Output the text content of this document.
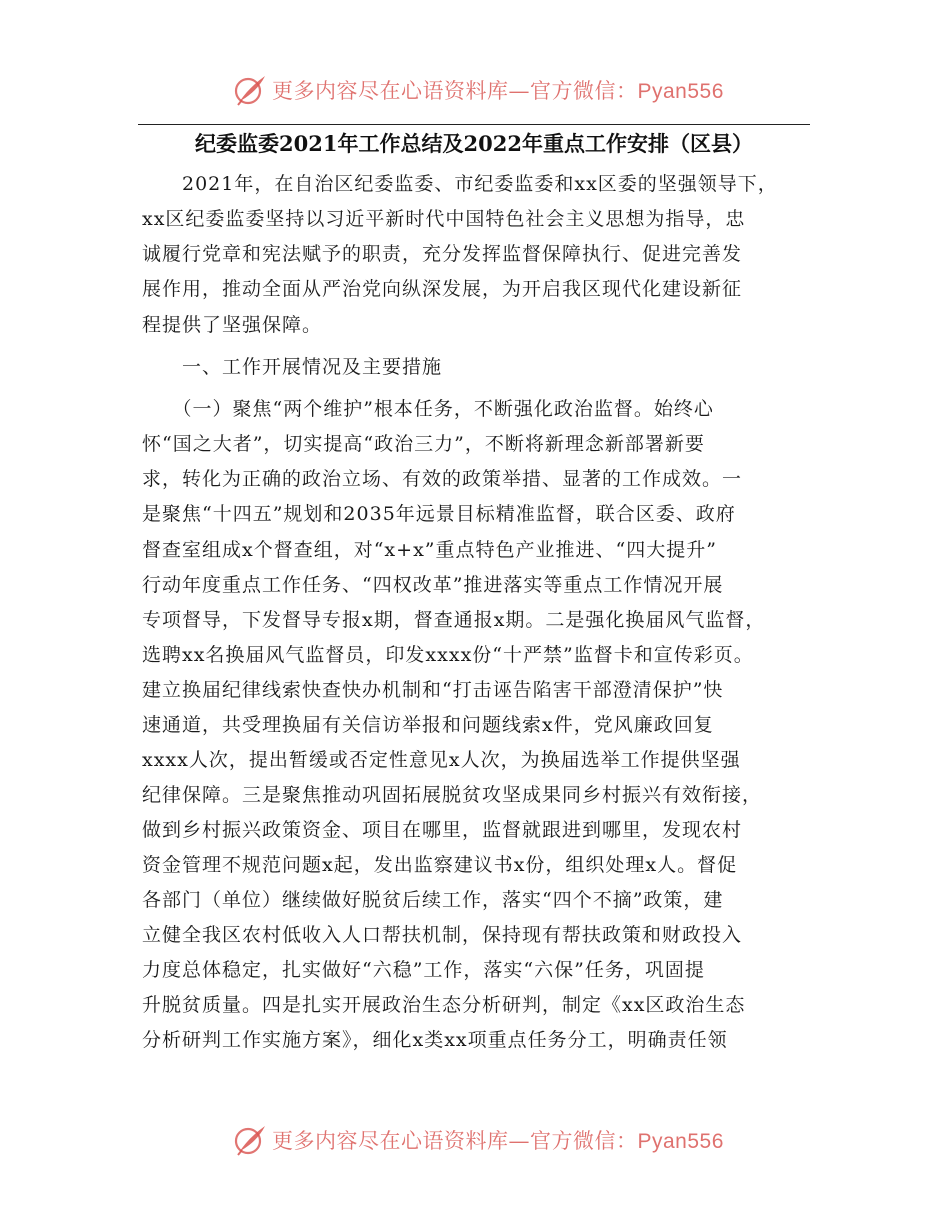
更多内容尽在心语资料库—官方微信：Pyan556
纪委监委2021年工作总结及2022年重点工作安排（区县）

　　2021年，在自治区纪委监委、市纪委监委和xx区委的坚强领导下，

xx区纪委监委坚持以习近平新时代中国特色社会主义思想为指导，忠

诚履行党章和宪法赋予的职责，充分发挥监督保障执行、促进完善发

展作用，推动全面从严治党向纵深发展，为开启我区现代化建设新征

程提供了坚强保障。

　　一、工作开展情况及主要措施

　　（一）聚焦“两个维护”根本任务，不断强化政治监督。始终心

怀“国之大者”，切实提高“政治三力”，不断将新理念新部署新要

求，转化为正确的政治立场、有效的政策举措、显著的工作成效。一

是聚焦“十四五”规划和2035年远景目标精准监督，联合区委、政府

督查室组成x个督查组，对“x+x”重点特色产业推进、“四大提升”

行动年度重点工作任务、“四权改革”推进落实等重点工作情况开展

专项督导，下发督导专报x期，督查通报x期。二是强化换届风气监督，

选聘xx名换届风气监督员，印发xxxx份“十严禁”监督卡和宣传彩页。

建立换届纪律线索快查快办机制和“打击诬告陷害干部澄清保护”快

速通道，共受理换届有关信访举报和问题线索x件，党风廉政回复

xxxx人次，提出暂缓或否定性意见x人次，为换届选举工作提供坚强

纪律保障。三是聚焦推动巩固拓展脱贫攻坚成果同乡村振兴有效衔接，

做到乡村振兴政策资金、项目在哪里，监督就跟进到哪里，发现农村

资金管理不规范问题x起，发出监察建议书x份，组织处理x人。督促

各部门（单位）继续做好脱贫后续工作，落实“四个不摘”政策，建

立健全我区农村低收入人口帮扶机制，保持现有帮扶政策和财政投入

力度总体稳定，扎实做好“六稳”工作，落实“六保”任务，巩固提

升脱贫质量。四是扎实开展政治生态分析研判，制定《xx区政治生态

分析研判工作实施方案》，细化x类xx项重点任务分工，明确责任领

更多内容尽在心语资料库—官方微信：Pyan556
